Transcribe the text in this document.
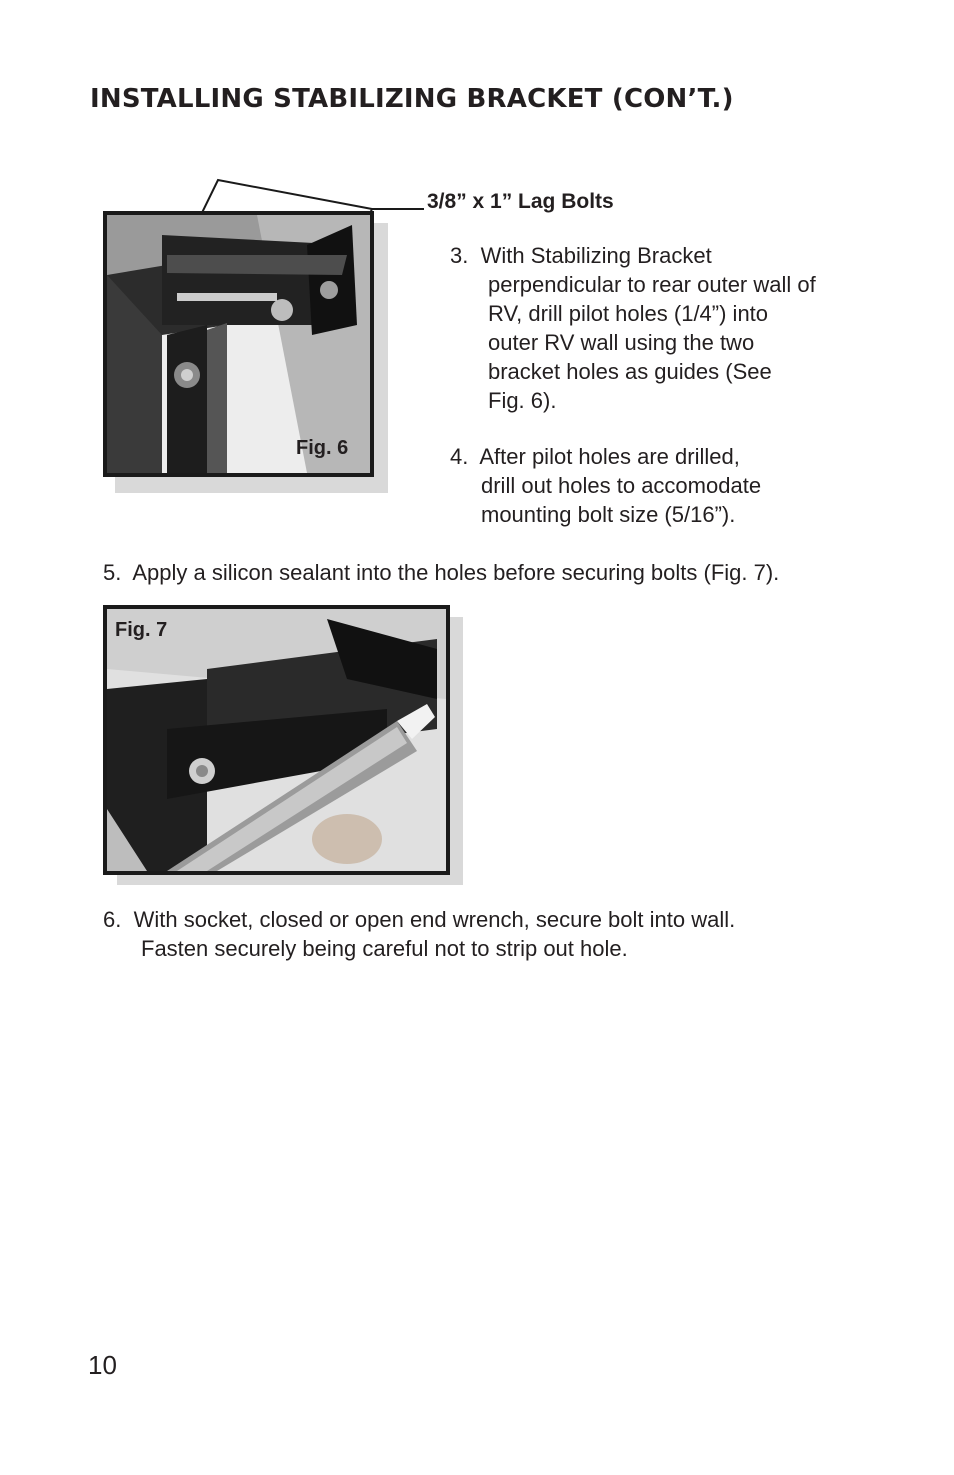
INSTALLING STABILIZING BRACKET (CON’T.)
3/8” x 1” Lag Bolts
Fig. 6
3. With Stabilizing Bracket
perpendicular to rear outer wall of
RV, drill pilot holes (1/4”) into
outer RV wall using the two
bracket holes as guides (See
Fig. 6).
4. After pilot holes are drilled,
drill out holes to accomodate
mounting bolt size (5/16”).
5. Apply a silicon sealant into the holes before securing bolts (Fig. 7).
Fig. 7
6. With socket, closed or open end wrench, secure bolt into wall.
Fasten securely being careful not to strip out hole.
10
